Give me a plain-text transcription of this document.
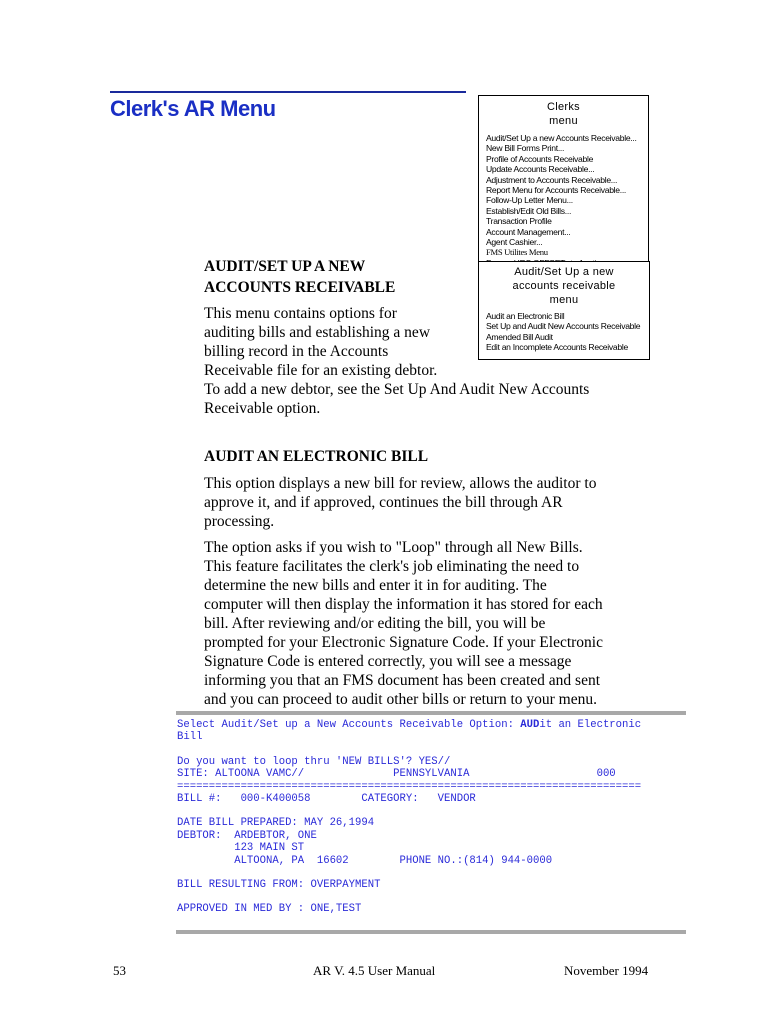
Clerk's AR Menu	Clerks
menu
Audit/Set Up a new Accounts Receivable...
New Bill Forms Print...
Profile of Accounts Receivable
Update Accounts Receivable...
Adjustment to Accounts Receivable...
Report Menu for Accounts Receivable...
Follow-Up Letter Menu...
Establish/Edit Old Bills...
Transaction Profile
Account Management...
Agent Cashier...
FMS Utilites Menu
Audit/Set Up a new
accounts receivable
menu
Audit an Electronic Bill
Set Up and Audit New Accounts Receivable
Amended Bill Audit
Edit an Incomplete Accounts Receivable
AUDIT/SET UP A NEW
ACCOUNTS RECEIVABLE
This menu contains options for
auditing bills and establishing a new
billing record in the Accounts
Receivable file for an existing debtor.
To add a new debtor, see the Set Up And Audit New Accounts
Receivable option.
AUDIT AN ELECTRONIC BILL
This option displays a new bill for review, allows the auditor to
approve it, and if approved, continues the bill through AR
processing.
The option asks if you wish to "Loop" through all New Bills.
This feature facilitates the clerk's job eliminating the need to
determine the new bills and enter it in for auditing. The
computer will then display the information it has stored for each
bill. After reviewing and/or editing the bill, you will be
prompted for your Electronic Signature Code. If your Electronic
Signature Code is entered correctly, you will see a message
informing you that an FMS document has been created and sent
and you can proceed to audit other bills or return to your menu.
Select Audit/Set up a New Accounts Receivable Option: AUDit an Electronic
Bill
Do you want to loop thru 'NEW BILLS'? YES//
SITE: ALTOONA VAMC//              PENNSYLVANIA                    000
=========================================================================
BILL #:   000-K400058        CATEGORY:   VENDOR
DATE BILL PREPARED: MAY 26,1994
DEBTOR:  ARDEBTOR, ONE
123 MAIN ST
ALTOONA, PA  16602        PHONE NO.:(814) 944-0000
BILL RESULTING FROM: OVERPAYMENT
APPROVED IN MED BY : ONE,TEST
53	AR V. 4.5 User Manual	November 1994
